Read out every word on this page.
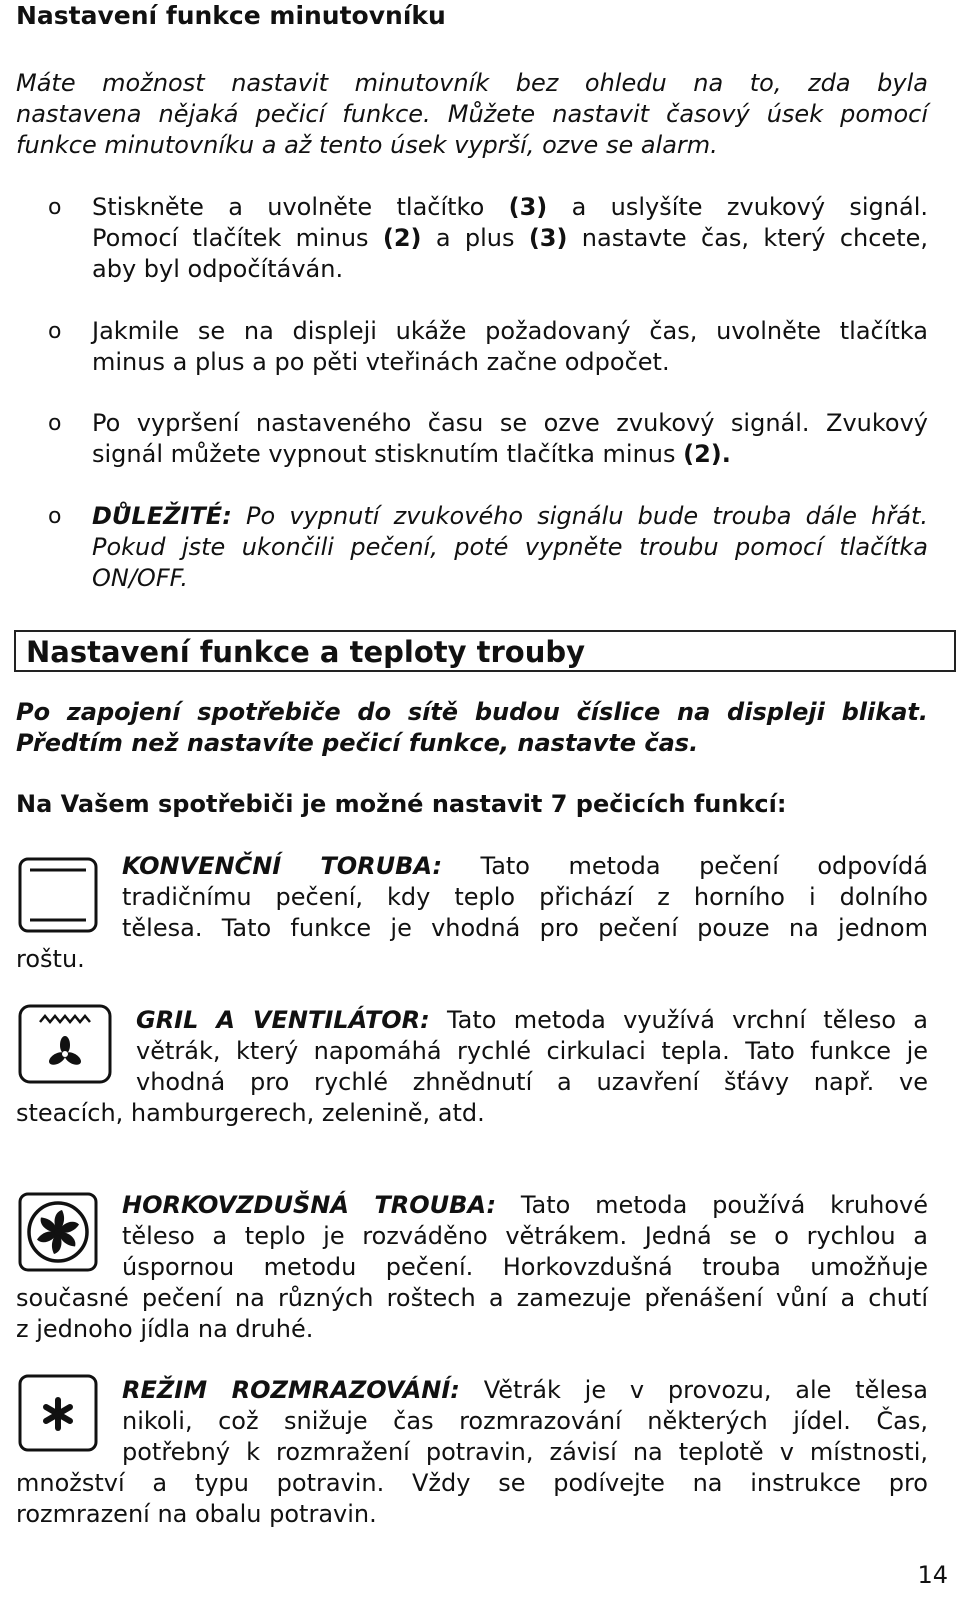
Nastavení funkce minutovníku
Máte možnost nastavit minutovník bez ohledu na to, zda byla
nastavena nějaká pečicí funkce. Můžete nastavit časový úsek pomocí
funkce minutovníku a až tento úsek vyprší, ozve se alarm.
o Stiskněte a uvolněte tlačítko (3) a uslyšíte zvukový signál.
Pomocí tlačítek minus (2) a plus (3) nastavte čas, který chcete,
aby byl odpočítáván.
o Jakmile se na displeji ukáže požadovaný čas, uvolněte tlačítka
minus a plus a po pěti vteřinách začne odpočet.
o Po vypršení nastaveného času se ozve zvukový signál. Zvukový
signál můžete vypnout stisknutím tlačítka minus (2).
o DŮLEŽITÉ: Po vypnutí zvukového signálu bude trouba dále hřát.
Pokud jste ukončili pečení, poté vypněte troubu pomocí tlačítka
ON/OFF.
Nastavení funkce a teploty trouby
Po zapojení spotřebiče do sítě budou číslice na displeji blikat.
Předtím než nastavíte pečicí funkce, nastavte čas.
Na Vašem spotřebiči je možné nastavit 7 pečicích funkcí:
KONVENČNÍ TORUBA: Tato metoda pečení odpovídá
tradičnímu pečení, kdy teplo přichází z horního i dolního
tělesa. Tato funkce je vhodná pro pečení pouze na jednom
roštu.
GRIL A VENTILÁTOR: Tato metoda využívá vrchní těleso a
větrák, který napomáhá rychlé cirkulaci tepla. Tato funkce je
vhodná pro rychlé zhnědnutí a uzavření šťávy např. ve
steacích, hamburgerech, zelenině, atd.
HORKOVZDUŠNÁ TROUBA: Tato metoda používá kruhové
těleso a teplo je rozváděno větrákem. Jedná se o rychlou a
úspornou metodu pečení. Horkovzdušná trouba umožňuje
současné pečení na různých roštech a zamezuje přenášení vůní a chutí
z jednoho jídla na druhé.
REŽIM ROZMRAZOVÁNÍ: Větrák je v provozu, ale tělesa
nikoli, což snižuje čas rozmrazování některých jídel. Čas,
potřebný k rozmražení potravin, závisí na teplotě v místnosti,
množství a typu potravin. Vždy se podívejte na instrukce pro
rozmrazení na obalu potravin.
14
